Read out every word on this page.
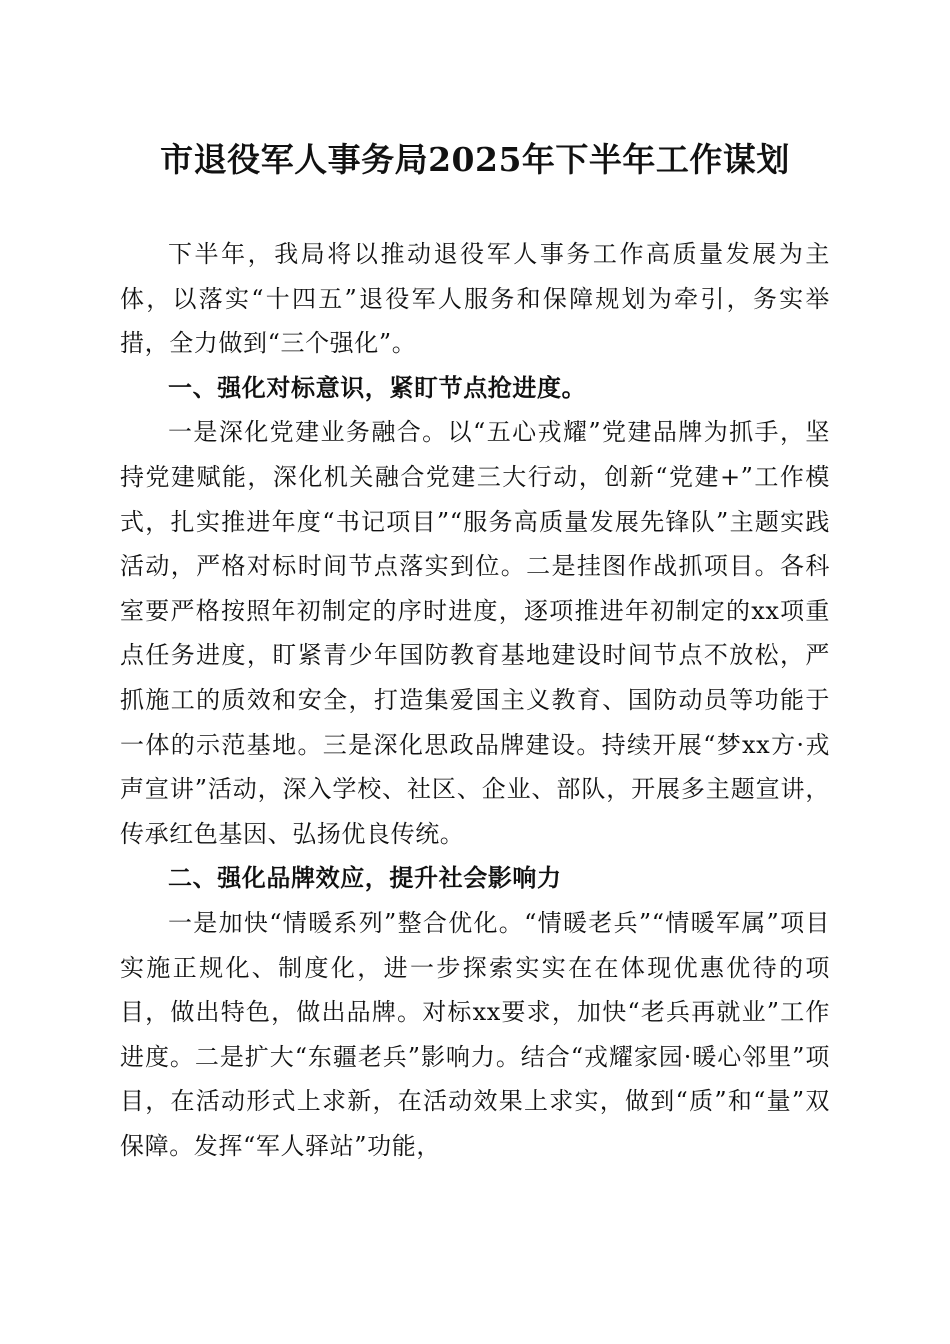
市退役军人事务局2025年下半年工作谋划

下半年，我局将以推动退役军人事务工作高质量发展为主体，以落实“十四五”退役军人服务和保障规划为牵引，务实举措，全力做到“三个强化”。

一、强化对标意识，紧盯节点抢进度。

一是深化党建业务融合。以“五心戎耀”党建品牌为抓手，坚持党建赋能，深化机关融合党建三大行动，创新“党建+”工作模式，扎实推进年度“书记项目”“服务高质量发展先锋队”主题实践活动，严格对标时间节点落实到位。二是挂图作战抓项目。各科室要严格按照年初制定的序时进度，逐项推进年初制定的xx项重点任务进度，盯紧青少年国防教育基地建设时间节点不放松，严抓施工的质效和安全，打造集爱国主义教育、国防动员等功能于一体的示范基地。三是深化思政品牌建设。持续开展“梦xx方·戎声宣讲”活动，深入学校、社区、企业、部队，开展多主题宣讲，传承红色基因、弘扬优良传统。

二、强化品牌效应，提升社会影响力

一是加快“情暖系列”整合优化。“情暖老兵”“情暖军属”项目实施正规化、制度化，进一步探索实实在在体现优惠优待的项目，做出特色，做出品牌。对标xx要求，加快“老兵再就业”工作进度。二是扩大“东疆老兵”影响力。结合“戎耀家园·暖心邻里”项目，在活动形式上求新，在活动效果上求实，做到“质”和“量”双保障。发挥“军人驿站”功能，
